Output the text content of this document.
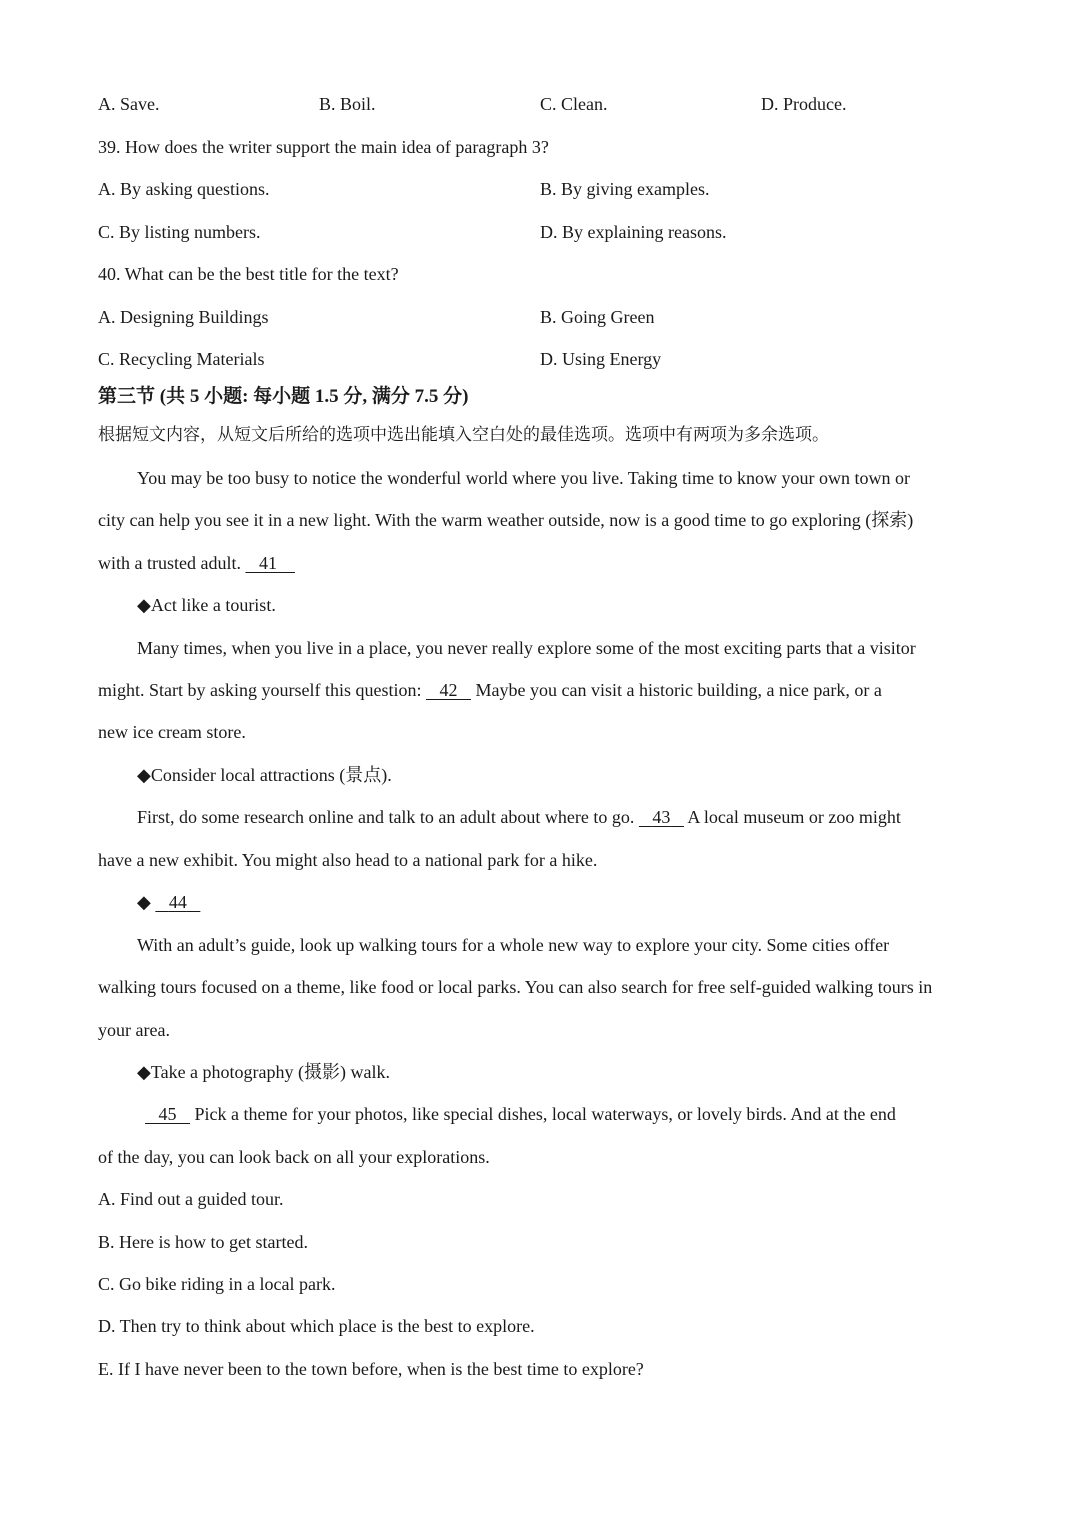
A. Save.	B. Boil.	C. Clean.	D. Produce.
39. How does the writer support the main idea of paragraph 3?
A. By asking questions.	B. By giving examples.
C. By listing numbers.	D. By explaining reasons.
40. What can be the best title for the text?
A. Designing Buildings	B. Going Green
C. Recycling Materials	D. Using Energy
第三节 (共 5 小题: 每小题 1.5 分, 满分 7.5 分)
根据短文内容，从短文后所给的选项中选出能填入空白处的最佳选项。选项中有两项为多余选项。
You may be too busy to notice the wonderful world where you live. Taking time to know your own town or
city can help you see it in a new light. With the warm weather outside, now is a good time to go exploring (探索)
with a trusted adult. 41
◆Act like a tourist.
Many times, when you live in a place, you never really explore some of the most exciting parts that a visitor
might. Start by asking yourself this question: 42 Maybe you can visit a historic building, a nice park, or a
new ice cream store.
◆Consider local attractions (景点).
First, do some research online and talk to an adult about where to go. 43 A local museum or zoo might
have a new exhibit. You might also head to a national park for a hike.
◆ 44
With an adult’s guide, look up walking tours for a whole new way to explore your city. Some cities offer
walking tours focused on a theme, like food or local parks. You can also search for free self-guided walking tours in
your area.
◆Take a photography (摄影) walk.
45 Pick a theme for your photos, like special dishes, local waterways, or lovely birds. And at the end
of the day, you can look back on all your explorations.
A. Find out a guided tour.
B. Here is how to get started.
C. Go bike riding in a local park.
D. Then try to think about which place is the best to explore.
E. If I have never been to the town before, when is the best time to explore?
